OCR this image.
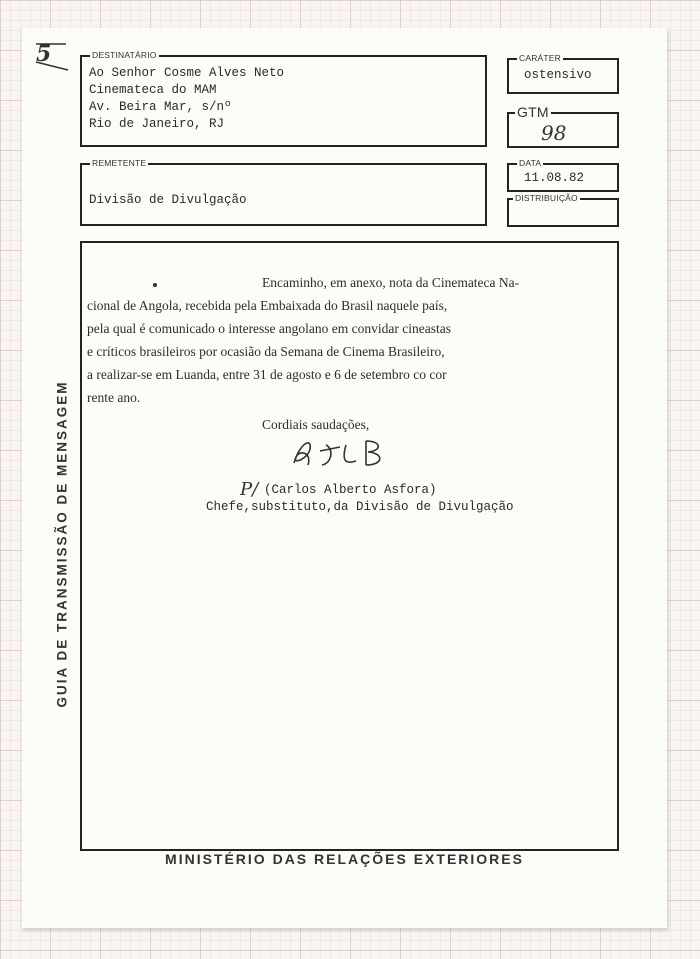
5	DESTINATÁRIO
Ao Senhor Cosme Alves Neto
Cinemateca do MAM
Av. Beira Mar, s/nº
Rio de Janeiro, RJ
CARÁTER
ostensivo
GTM
98
REMETENTE
Divisão de Divulgação
DATA
11.08.82
DISTRIBUIÇÃO
GUIA DE TRANSMISSÃO DE MENSAGEM
Encaminho, em anexo, nota da Cinemateca Na-
cional de Angola, recebida pela Embaixada do Brasil naquele país,
pela qual é comunicado o interesse angolano em convidar cineastas
e críticos brasileiros por ocasião da Semana de Cinema Brasileiro,
a realizar-se em Luanda, entre 31 de agosto e 6 de setembro co cor
rente ano.
Cordiais saudações,
P/ (Carlos Alberto Asfora)
Chefe,substituto,da Divisão de Divulgação
MINISTÉRIO DAS RELAÇÕES EXTERIORES
